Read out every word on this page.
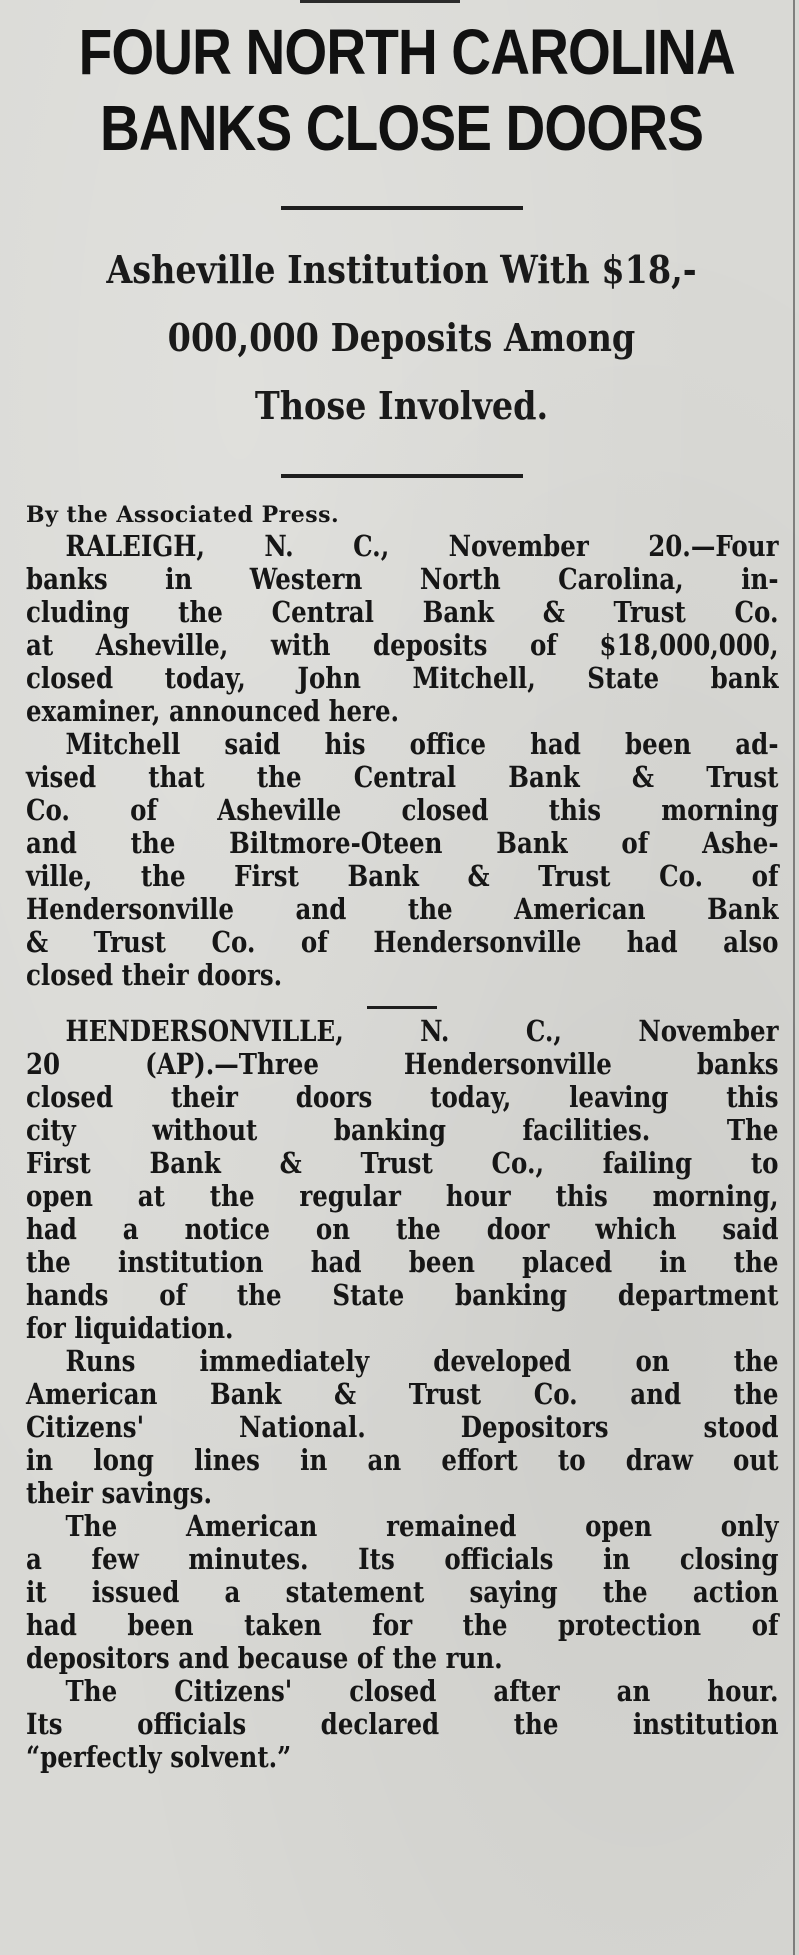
FOUR NORTH CAROLINA
BANKS CLOSE DOORS
Asheville Institution With $18,-
000,000 Deposits Among
Those Involved.
By the Associated Press.

RALEIGH, N. C., November 20.—Four
banks in Western North Carolina, in-
cluding the Central Bank & Trust Co.
at Asheville, with deposits of $18,000,000,
closed today, John Mitchell, State bank
examiner, announced here.

Mitchell said his office had been ad-
vised that the Central Bank & Trust
Co. of Asheville closed this morning
and the Biltmore-Oteen Bank of Ashe-
ville, the First Bank & Trust Co. of
Hendersonville and the American Bank
& Trust Co. of Hendersonville had also
closed their doors.

HENDERSONVILLE, N. C., November
20 (AP).—Three Hendersonville banks
closed their doors today, leaving this
city without banking facilities. The
First Bank & Trust Co., failing to
open at the regular hour this morning,
had a notice on the door which said
the institution had been placed in the
hands of the State banking department
for liquidation.

Runs immediately developed on the
American Bank & Trust Co. and the
Citizens' National. Depositors stood
in long lines in an effort to draw out
their savings.

The American remained open only
a few minutes. Its officials in closing
it issued a statement saying the action
had been taken for the protection of
depositors and because of the run.

The Citizens' closed after an hour.
Its officials declared the institution
“perfectly solvent.”
